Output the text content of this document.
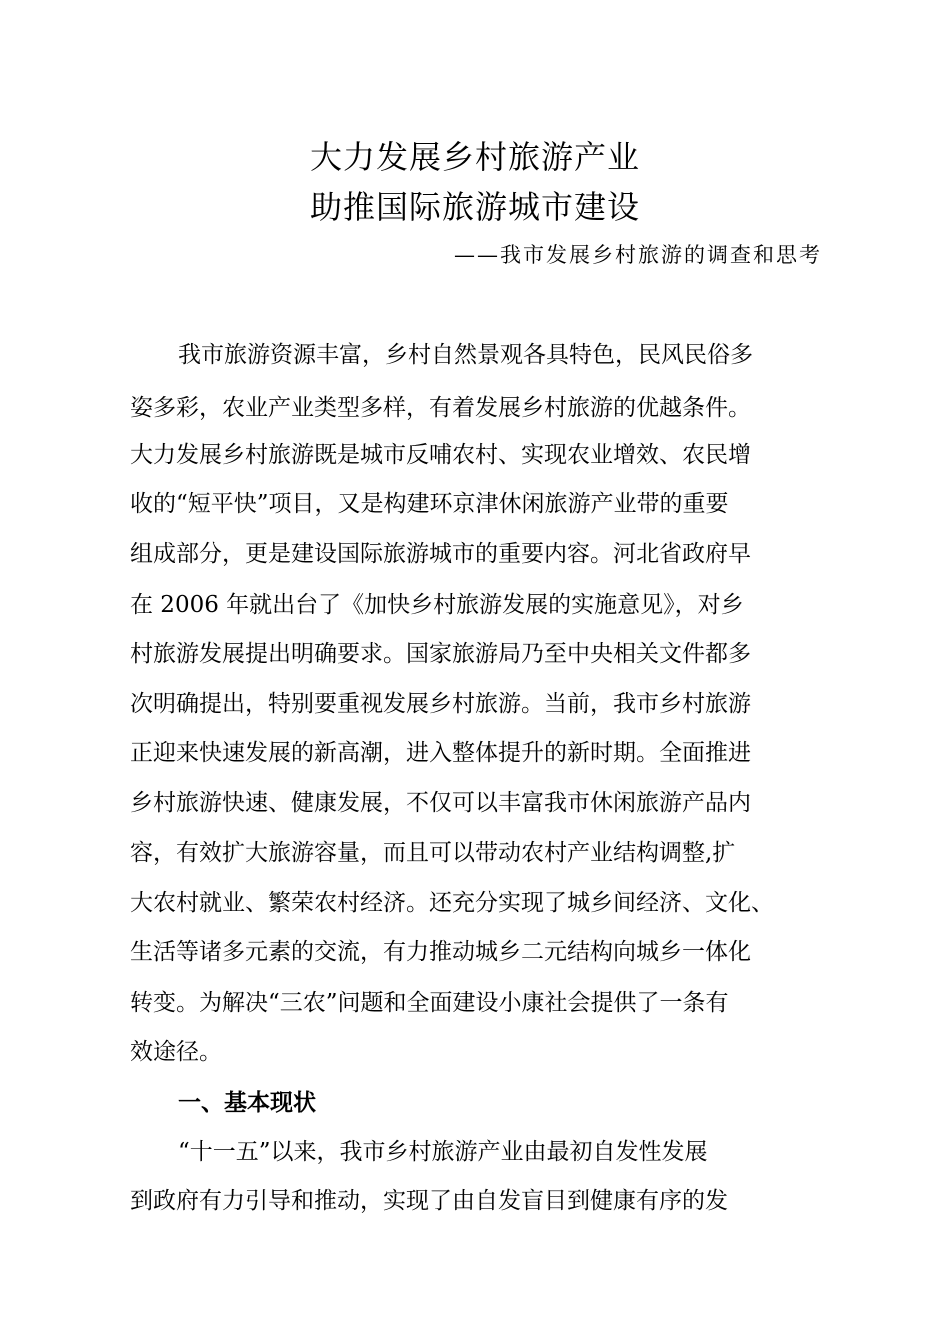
大力发展乡村旅游产业
助推国际旅游城市建设
——我市发展乡村旅游的调查和思考
我市旅游资源丰富，乡村自然景观各具特色，民风民俗多
姿多彩，农业产业类型多样，有着发展乡村旅游的优越条件。
大力发展乡村旅游既是城市反哺农村、实现农业增效、农民增
收的“短平快”项目，又是构建环京津休闲旅游产业带的重要
组成部分，更是建设国际旅游城市的重要内容。河北省政府早
在 2006 年就出台了《加快乡村旅游发展的实施意见》，对乡
村旅游发展提出明确要求。国家旅游局乃至中央相关文件都多
次明确提出，特别要重视发展乡村旅游。当前，我市乡村旅游
正迎来快速发展的新高潮，进入整体提升的新时期。全面推进
乡村旅游快速、健康发展，不仅可以丰富我市休闲旅游产品内
容，有效扩大旅游容量，而且可以带动农村产业结构调整,扩
大农村就业、繁荣农村经济。还充分实现了城乡间经济、文化、
生活等诸多元素的交流，有力推动城乡二元结构向城乡一体化
转变。为解决“三农”问题和全面建设小康社会提供了一条有
效途径。
一、基本现状
“十一五”以来，我市乡村旅游产业由最初自发性发展
到政府有力引导和推动，实现了由自发盲目到健康有序的发
